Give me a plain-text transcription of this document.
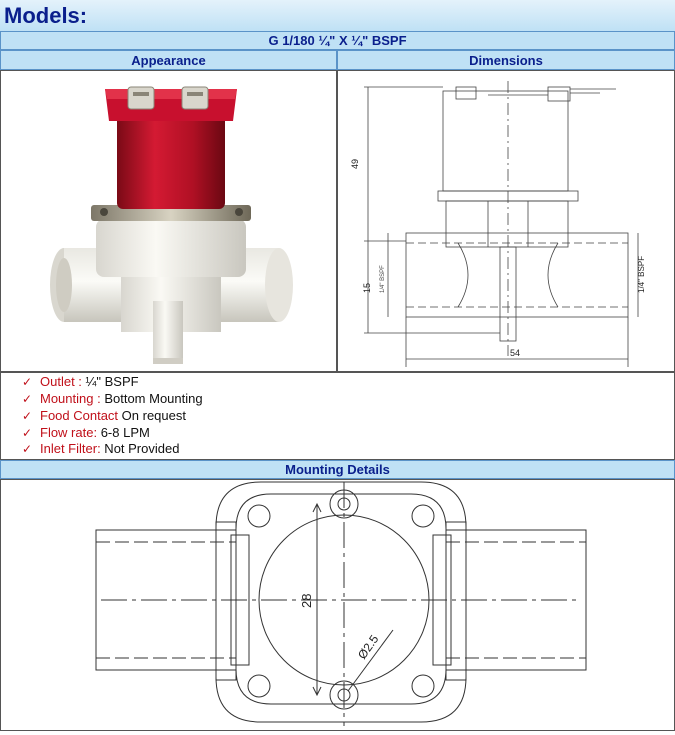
Models:
G 1/180 ¼" X ¼" BSPF
Appearance	Dimensions
49
15 1/4" BSPF	1/4" BSPF
54
✓ Outlet : ¼" BSPF
✓ Mounting : Bottom Mounting
✓ Food Contact On request
✓ Flow rate: 6-8 LPM
✓ Inlet Filter: Not Provided
Mounting Details
28
Ø2.5
